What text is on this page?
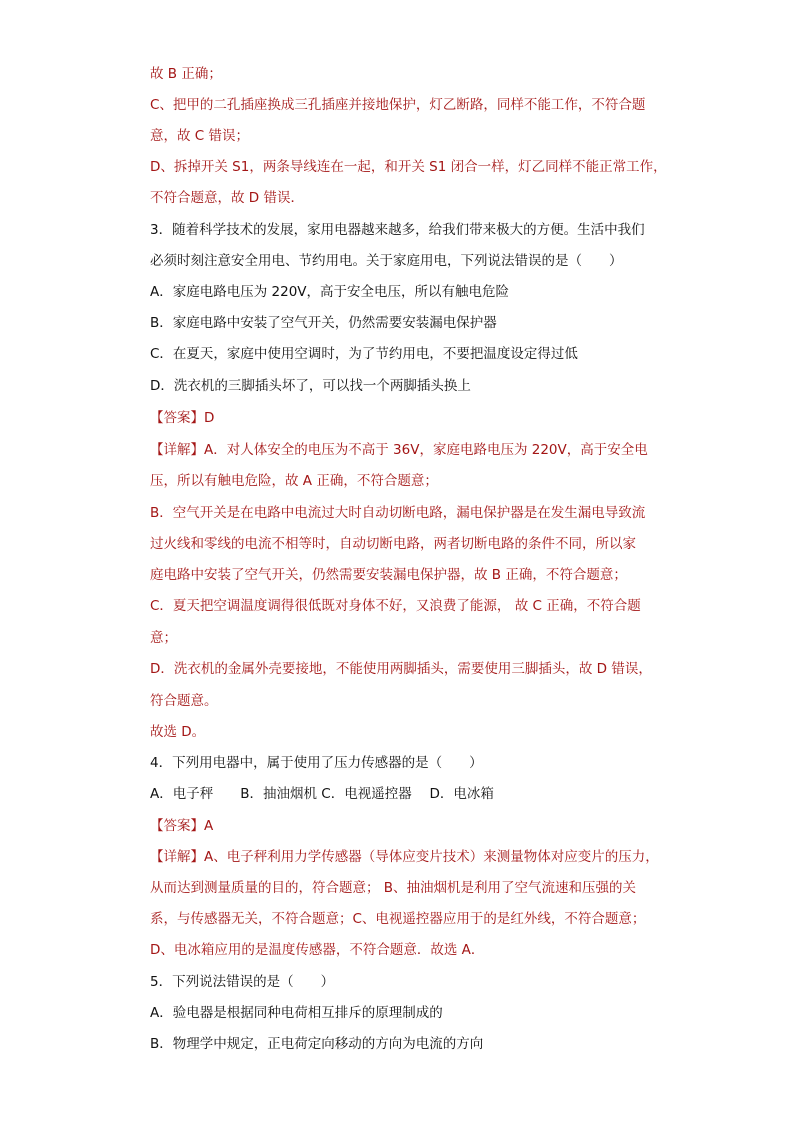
故 B 正确；
C、把甲的二孔插座换成三孔插座并接地保护，灯乙断路，同样不能工作，不符合题
意，故 C 错误；
D、拆掉开关 S1，两条导线连在一起，和开关 S1 闭合一样，灯乙同样不能正常工作，
不符合题意，故 D 错误．
3．随着科学技术的发展，家用电器越来越多，给我们带来极大的方便。生活中我们
必须时刻注意安全用电、节约用电。关于家庭用电，下列说法错误的是（　　）
A．家庭电路电压为 220V，高于安全电压，所以有触电危险
B．家庭电路中安装了空气开关，仍然需要安装漏电保护器
C．在夏天，家庭中使用空调时，为了节约用电，不要把温度设定得过低
D．洗衣机的三脚插头坏了，可以找一个两脚插头换上
【答案】D
【详解】A．对人体安全的电压为不高于 36V，家庭电路电压为 220V，高于安全电
压，所以有触电危险，故 A 正确，不符合题意；
B．空气开关是在电路中电流过大时自动切断电路，漏电保护器是在发生漏电导致流
过火线和零线的电流不相等时，自动切断电路，两者切断电路的条件不同，所以家
庭电路中安装了空气开关，仍然需要安装漏电保护器，故 B 正确，不符合题意；
C．夏天把空调温度调得很低既对身体不好，又浪费了能源， 故 C 正确，不符合题
意；
D．洗衣机的金属外壳要接地，不能使用两脚插头，需要使用三脚插头，故 D 错误，
符合题意。
故选 D。
4．下列用电器中，属于使用了压力传感器的是（　　）
A．电子秤　　B．抽油烟机 C．电视遥控器　 D．电冰箱
【答案】A
【详解】A、电子秤利用力学传感器（导体应变片技术）来测量物体对应变片的压力，
从而达到测量质量的目的，符合题意； B、抽油烟机是利用了空气流速和压强的关
系，与传感器无关，不符合题意；C、电视遥控器应用于的是红外线，不符合题意；
D、电冰箱应用的是温度传感器，不符合题意．故选 A．
5．下列说法错误的是（　　）
A．验电器是根据同种电荷相互排斥的原理制成的
B．物理学中规定，正电荷定向移动的方向为电流的方向
